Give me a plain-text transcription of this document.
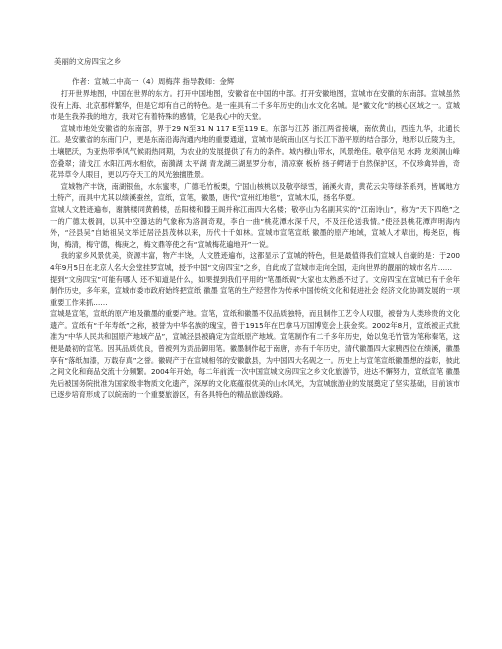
美丽的文房四宝之乡
作者：宣城二中高一（4）周梅萍 指导教师：金辉

打开世界地图，中国在世界的东方。打开中国地图，安徽省在中国的中部。打开安徽地图，宣城市在安徽的东南部。宣城虽然没有上海、北京那样繁华，但是它却有自己的特色。是一座具有二千多年历史的山水文化名城。是“徽文化”的核心区域之一。宣城市是生我养我的地方，我对它有着特殊的感情，它是我心中的天堂。

宣城市地处安徽省的东南部，界于29 N至31 N 117 E至119 E。东部与江苏 浙江两省接壤，南依黄山，西连九华，北通长江。是安徽省的东南门户，更是东南沿海沟通内地的重要通道，宣城市是皖南山区与长江下游平原的结合部分，地形以丘陵为主，土壤肥沃，为亚热带季风气候雨热同期，为农业的发展提供了有力的条件。城内穆山带水，风景绝佳。敬亭信见 水跨 龙须洞山峰峦叠翠；清戈江 水阳江两水相依，南漪湖 太平湖 青龙湖三湖星罗分布，清凉寮 板桥 扬子鳄诸于自然保护区，不仅珍禽异兽，奇花异草令人眼目，更以巧夺天工的风光独擅胜景。

宣城物产丰饶，南湖银鱼，水东蜜枣，广德毛竹板栗，宁国山核桃以及敬亭绿雪，涌溪火青，黄花云尖等绿茶系列，皆属地方土特产，而具中尤其以绩溪蚕丝，宣纸，宣笔，徽墨，唐代“宣州红地毯”，宣城木瓜，扬名华夏。

宣城人文胜迹遍布，谢朓楼同黄鹤楼，岳阳楼和滕王阁并称江南四大名楼；敬亭山为名副其实的“江南诗山”，称为“天下四绝”之一的广德太极洞，以其中空瀑达的气象称为洛洞奇观，李白一曲“桃花潭水深千尺，不及汪伦送我情。”使泾县桃花潭声明海内外，“泾县吴”自始祖吴文举迁居泾县茂林以来，历代十千如林。宣城市宣笔宣纸 徽墨的原产地域，宣城人才辈出，梅尧臣，梅询，梅清，梅守德，梅庚之，梅文鼎等使之有“宣城梅花遍地开”一说。

我的家乡风景优美，资源丰富，物产丰饶，人文胜迹遍布，这都显示了宣城的特色，但是最值得我们宣城人自豪的是：于2004年9月5日在北京人名大会堂挂罗宣城，授予中国“文房四宝”之乡，自此成了宣城市走向全国，走向世界的靓丽的城市名片……

提到“文房四宝”可能有哪人 还不知道是什么，如果提到我们平用的“笔墨纸砚”大家也太熟悉不过了。文房四宝在宣城已有千余年制作历史，多年来，宣城市委市政府始终把宣纸 徽墨 宣笔的生产经营作为传承中国传统文化和促进社会 经济文化协调发展的一项重要工作来抓……

宣城是宣笔，宣纸的原产地及徽墨的重要产地。宣笔，宣纸和徽墨不仅品质独特，而且制作工艺令人叹服，被誉为人类珍贵的文化遗产。宣纸有“千年寿纸”之称，被誉为中华名族的瑰宝，曾于1915年在巴拿马万国博览会上获金奖。2002年8月，宣纸被正式批准为“中华人民共和国原产地域产品”，宣城泾县被确定为宣纸原产地域。宣笔制作有二千多年历史，始以兔毛竹管为笔称秦笔，这便是最初的宣笔。因其品质优良，曾被列为贡品御用笔。徽墨制作起于南唐，亦有千年历史，清代徽墨四大家胰西位在绩溪，徽墨享有“落纸加漆，万载存真”之誉。徽砚产于在宣城相邻的安徽歙县，为中国四大名砚之一。历史上与宣笔宣纸徽墨想的益彰，彼此之间文化和商品交流十分频繁。2004年开始，每二年前流一次中国宣城文房四宝之乡文化旅游节，进达不懈努力，宣纸宣笔 徽墨先后被国务院批准为国家级非物质文化遗产，深厚的文化底蕴很优美的山水风光，为宣城旅游业的发展奠定了坚实基础，目前该市已逐步培育形成了以皖南的一个重要旅游区，有各具特色的精品旅游线路。
